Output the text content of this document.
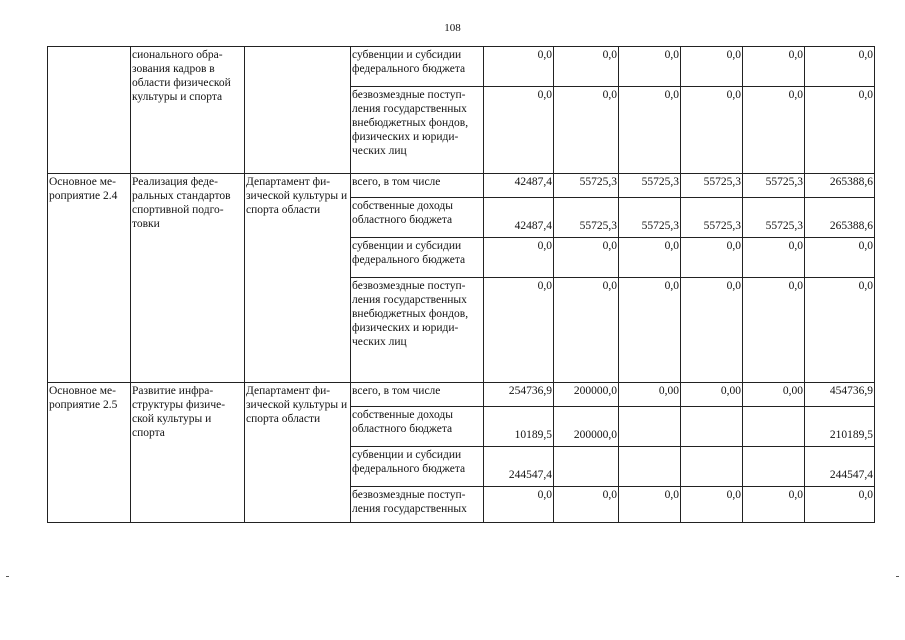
108
	сионального обра-зования кадров в области физической культуры и спорта		субвенции и субсидии федерального бюджета	0,0	0,0	0,0	0,0	0,0	0,0
			безвозмездные поступ-ления государственных внебюджетных фондов, физических и юриди-ческих лиц	0,0	0,0	0,0	0,0	0,0	0,0
Основное ме-роприятие 2.4	Реализация феде-ральных стандартов спортивной подго-товки	Департамент фи-зической культуры и спорта области	всего, в том числе	42487,4	55725,3	55725,3	55725,3	55725,3	265388,6
			собственные доходы областного бюджета	42487,4	55725,3	55725,3	55725,3	55725,3	265388,6
			субвенции и субсидии федерального бюджета	0,0	0,0	0,0	0,0	0,0	0,0
			безвозмездные поступ-ления государственных внебюджетных фондов, физических и юриди-ческих лиц	0,0	0,0	0,0	0,0	0,0	0,0
Основное ме-роприятие 2.5	Развитие инфра-структуры физиче-ской культуры и спорта	Департамент фи-зической культуры и спорта области	всего, в том числе	254736,9	200000,0	0,00	0,00	0,00	454736,9
			собственные доходы областного бюджета	10189,5	200000,0				210189,5
			субвенции и субсидии федерального бюджета	244547,4					244547,4
			безвозмездные поступ-ления государственных	0,0	0,0	0,0	0,0	0,0	0,0
